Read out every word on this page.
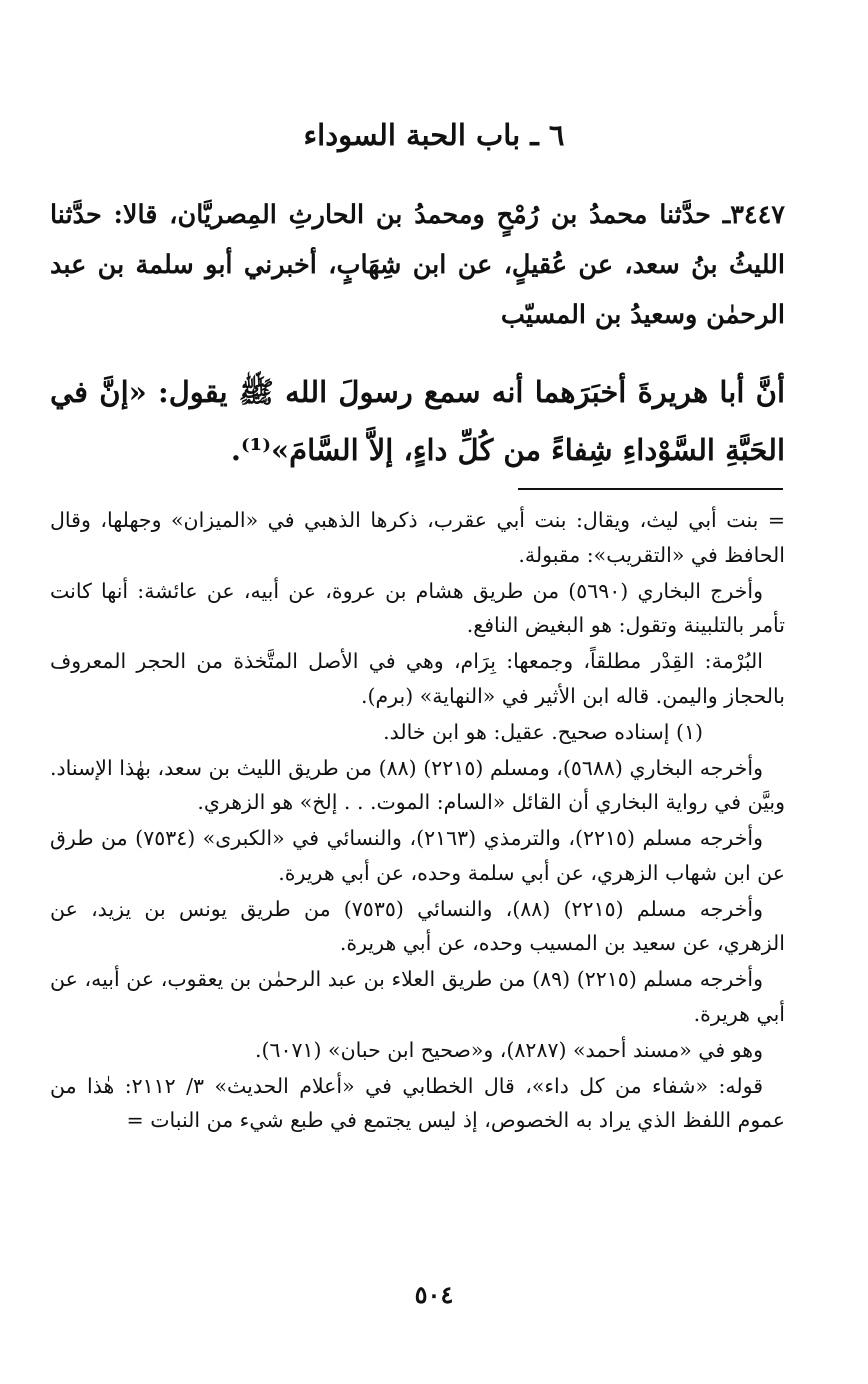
٦ ـ باب الحبة السوداء
٣٤٤٧ـ حدَّثنا محمدُ بن رُمْحٍ ومحمدُ بن الحارثِ المِصريَّان، قالا: حدَّثنا الليثُ بنُ سعد، عن عُقيلٍ، عن ابن شِهَابٍ، أخبرني أبو سلمة بن عبد الرحمٰن وسعيدُ بن المسيّب
أنَّ أبا هريرةَ أخبَرَهما أنه سمع رسولَ الله ﷺ يقول: «إنَّ في الحَبَّةِ السَّوْداءِ شِفاءً من كُلِّ داءٍ، إلاَّ السَّامَ»⁽¹⁾.

= بنت أبي ليث، ويقال: بنت أبي عقرب، ذكرها الذهبي في «الميزان» وجهلها، وقال الحافظ في «التقريب»: مقبولة.

وأخرج البخاري (٥٦٩٠) من طريق هشام بن عروة، عن أبيه، عن عائشة: أنها كانت تأمر بالتلبينة وتقول: هو البغيض النافع.

البُرْمة: القِدْر مطلقاً، وجمعها: بِرَام، وهي في الأصل المتَّخذة من الحجر المعروف بالحجاز واليمن. قاله ابن الأثير في «النهاية» (برم).

(١) إسناده صحيح. عقيل: هو ابن خالد.

وأخرجه البخاري (٥٦٨٨)، ومسلم (٢٢١٥) (٨٨) من طريق الليث بن سعد، بهٰذا الإسناد. وبيَّن في رواية البخاري أن القائل «السام: الموت. . . إلخ» هو الزهري.

وأخرجه مسلم (٢٢١٥)، والترمذي (٢١٦٣)، والنسائي في «الكبرى» (٧٥٣٤) من طرق عن ابن شهاب الزهري، عن أبي سلمة وحده، عن أبي هريرة.

وأخرجه مسلم (٢٢١٥) (٨٨)، والنسائي (٧٥٣٥) من طريق يونس بن يزيد، عن الزهري، عن سعيد بن المسيب وحده، عن أبي هريرة.

وأخرجه مسلم (٢٢١٥) (٨٩) من طريق العلاء بن عبد الرحمٰن بن يعقوب، عن أبيه، عن أبي هريرة.

وهو في «مسند أحمد» (٨٢٨٧)، و«صحيح ابن حبان» (٦٠٧١).

قوله: «شفاء من كل داء»، قال الخطابي في «أعلام الحديث» ٣/ ٢١١٢: هٰذا من عموم اللفظ الذي يراد به الخصوص، إذ ليس يجتمع في طبع شيء من النبات =

٥٠٤
